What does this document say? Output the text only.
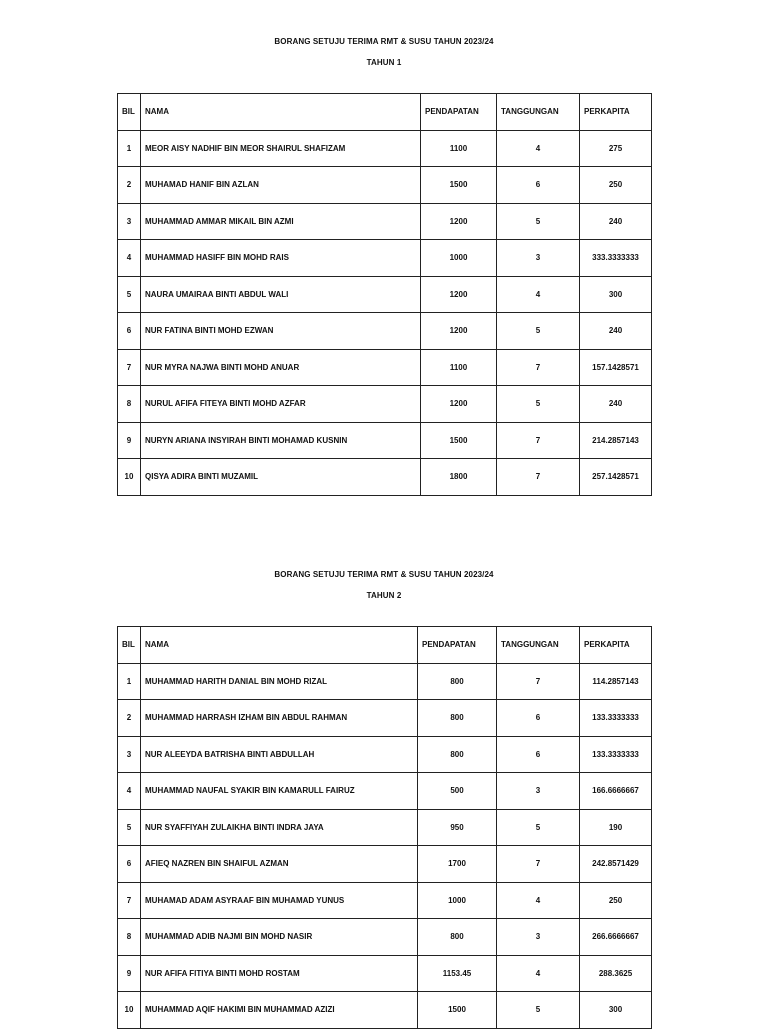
BORANG SETUJU TERIMA RMT & SUSU TAHUN 2023/24
TAHUN 1
BIL	NAMA	PENDAPATAN	TANGGUNGAN	PERKAPITA
1	MEOR AISY NADHIF BIN MEOR SHAIRUL SHAFIZAM	1100	4	275
2	MUHAMAD HANIF BIN AZLAN	1500	6	250
3	MUHAMMAD AMMAR MIKAIL BIN AZMI	1200	5	240
4	MUHAMMAD HASIFF BIN MOHD RAIS	1000	3	333.3333333
5	NAURA UMAIRAA BINTI ABDUL WALI	1200	4	300
6	NUR FATINA BINTI MOHD EZWAN	1200	5	240
7	NUR MYRA NAJWA BINTI MOHD ANUAR	1100	7	157.1428571
8	NURUL AFIFA FITEYA BINTI MOHD AZFAR	1200	5	240
9	NURYN ARIANA INSYIRAH BINTI MOHAMAD KUSNIN	1500	7	214.2857143
10	QISYA ADIRA BINTI MUZAMIL	1800	7	257.1428571
BORANG SETUJU TERIMA RMT & SUSU TAHUN 2023/24
TAHUN 2
BIL	NAMA	PENDAPATAN	TANGGUNGAN	PERKAPITA
1	MUHAMMAD HARITH DANIAL BIN MOHD RIZAL	800	7	114.2857143
2	MUHAMMAD HARRASH IZHAM BIN ABDUL RAHMAN	800	6	133.3333333
3	NUR ALEEYDA BATRISHA BINTI ABDULLAH	800	6	133.3333333
4	MUHAMMAD NAUFAL SYAKIR BIN KAMARULL FAIRUZ	500	3	166.6666667
5	NUR SYAFFIYAH ZULAIKHA BINTI INDRA JAYA	950	5	190
6	AFIEQ NAZREN BIN SHAIFUL AZMAN	1700	7	242.8571429
7	MUHAMAD ADAM ASYRAAF BIN MUHAMAD YUNUS	1000	4	250
8	MUHAMMAD ADIB NAJMI BIN MOHD NASIR	800	3	266.6666667
9	NUR AFIFA FITIYA BINTI MOHD ROSTAM	1153.45	4	288.3625
10	MUHAMMAD AQIF HAKIMI BIN MUHAMMAD AZIZI	1500	5	300
